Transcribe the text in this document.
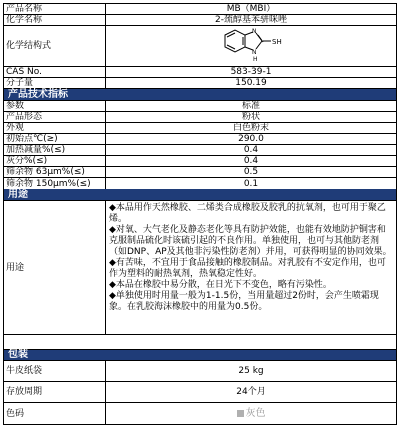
产品名称	MB（MBI）
化学名称	2-巯醇基苯骈咪唑
化学结构式
N
N
H
SH
CAS No.	583-39-1
分子量	150.19
产品技术指标
参数	标准
产品形态	粉状
外观	白色粉末
初始点℃(≥)	290.0
加热减量%(≤)	0.4
灰分%(≤)	0.4
筛余物 63μm%(≤)	0.5
筛余物 150μm%(≤)	0.1
用途
用途

◆本品用作天然橡胶、二烯类合成橡胶及胶乳的抗氧剂，也可用于聚乙烯。

◆对氧、大气老化及静态老化等具有防护效能，也能有效地防护铜害和克服制品硫化时该硫引起的不良作用。单独使用，也可与其他防老剂（如DNP、AP及其他非污染性防老剂）并用，可获得明显的协同效果。

◆有苦味，不宜用于食品接触的橡胶制品。对乳胶有不安定作用，也可作为塑料的耐热氧剂，热氧稳定性好。

◆本品在橡胶中易分散，在日光下不变色，略有污染性。

◆单独使用时用量一般为1-1.5份，当用量超过2份时，会产生喷霜现象。在乳胶海沫橡胶中的用量为0.5份。

包装
牛皮纸袋	25 kg
存放周期	24个月
色码	灰色
